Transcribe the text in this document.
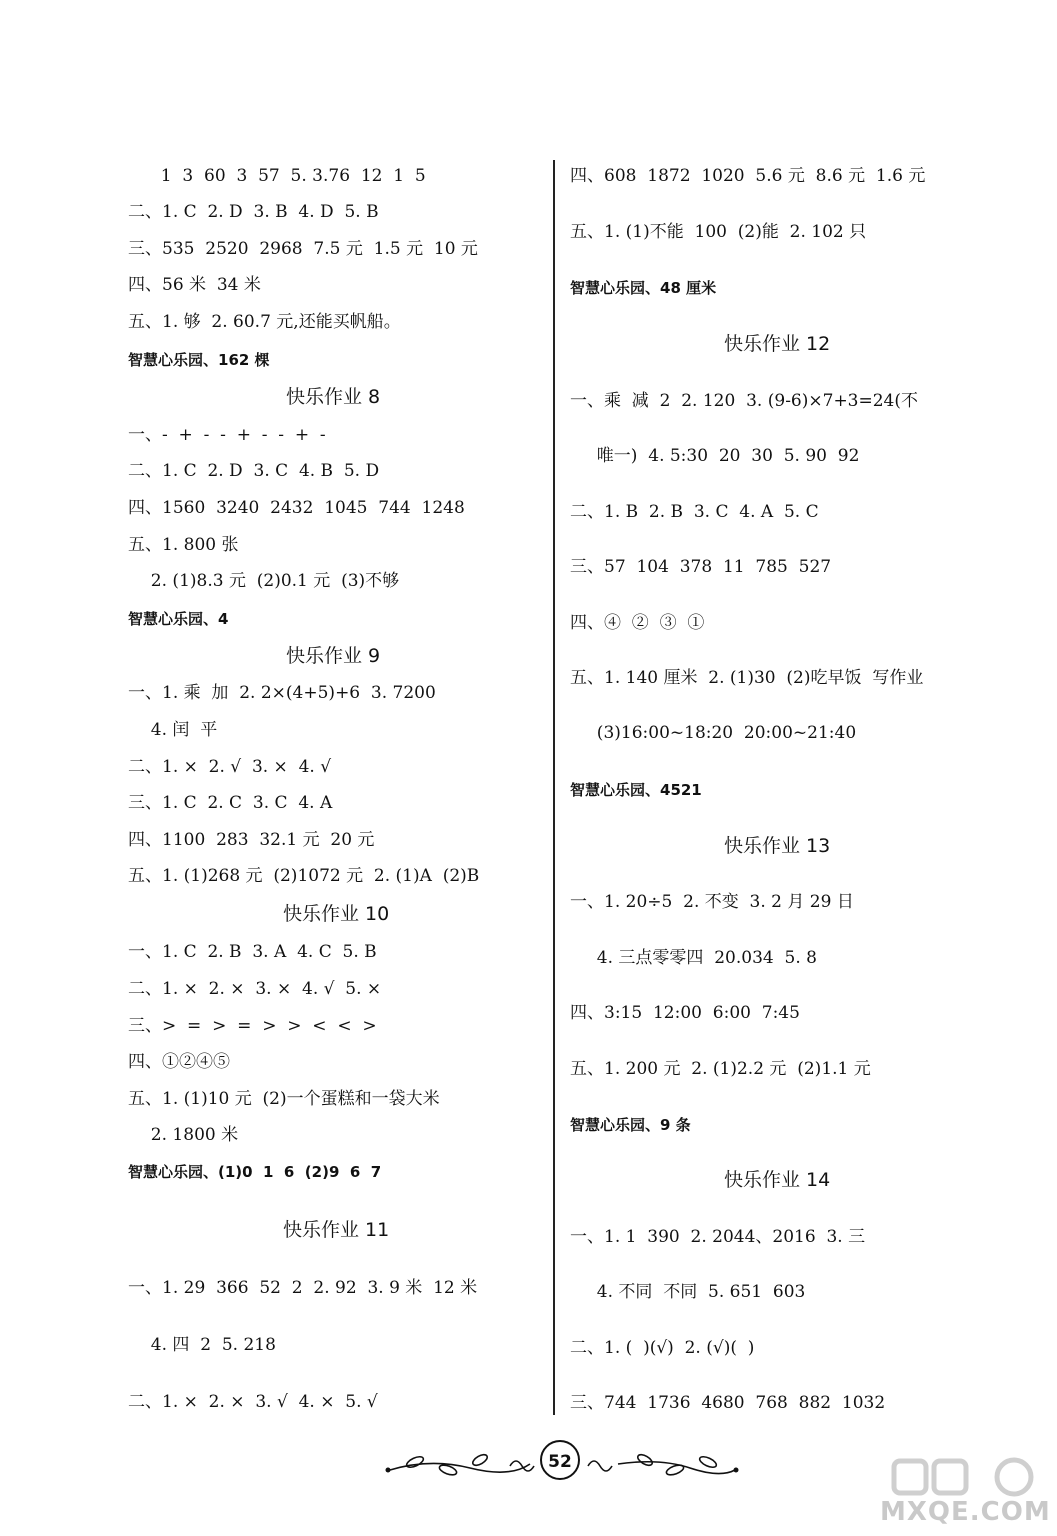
1  3  60  3  57  5. 3.76  12  1  5
二、1. C  2. D  3. B  4. D  5. B
三、535  2520  2968  7.5 元  1.5 元  10 元
四、56 米  34 米
五、1. 够  2. 60.7 元,还能买帆船。
智慧心乐园、162 棵
快乐作业 8
一、-  +  -  -  +  -  -  +  -
二、1. C  2. D  3. C  4. B  5. D
四、1560  3240  2432  1045  744  1248
五、1. 800 张
2. (1)8.3 元  (2)0.1 元  (3)不够
智慧心乐园、4
快乐作业 9
一、1. 乘  加  2. 2×(4+5)+6  3. 7200
4. 闰  平
二、1. ×  2. √  3. ×  4. √
三、1. C  2. C  3. C  4. A
四、1100  283  32.1 元  20 元
五、1. (1)268 元  (2)1072 元  2. (1)A  (2)B
快乐作业 10
一、1. C  2. B  3. A  4. C  5. B
二、1. ×  2. ×  3. ×  4. √  5. ×
三、>  =  >  =  >  >  <  <  >
四、①②④⑤
五、1. (1)10 元  (2)一个蛋糕和一袋大米
2. 1800 米
智慧心乐园、(1)0  1  6  (2)9  6  7
快乐作业 11
一、1. 29  366  52  2  2. 92  3. 9 米  12 米
4. 四  2  5. 218
二、1. ×  2. ×  3. √  4. ×  5. √
四、608  1872  1020  5.6 元  8.6 元  1.6 元
五、1. (1)不能  100  (2)能  2. 102 只
智慧心乐园、48 厘米
快乐作业 12
一、乘  减  2  2. 120  3. (9-6)×7+3=24(不
唯一)  4. 5:30  20  30  5. 90  92
二、1. B  2. B  3. C  4. A  5. C
三、57  104  378  11  785  527
四、④  ②  ③  ①
五、1. 140 厘米  2. (1)30  (2)吃早饭  写作业
(3)16:00~18:20  20:00~21:40
智慧心乐园、4521
快乐作业 13
一、1. 20÷5  2. 不变  3. 2 月 29 日
4. 三点零零四  20.034  5. 8
四、3:15  12:00  6:00  7:45
五、1. 200 元  2. (1)2.2 元  (2)1.1 元
智慧心乐园、9 条
快乐作业 14
一、1. 1  390  2. 2044、2016  3. 三
4. 不同  不同  5. 651  603
二、1. (  )(√)  2. (√)(  )
三、744  1736  4680  768  882  1032
52
MXQE.COM
